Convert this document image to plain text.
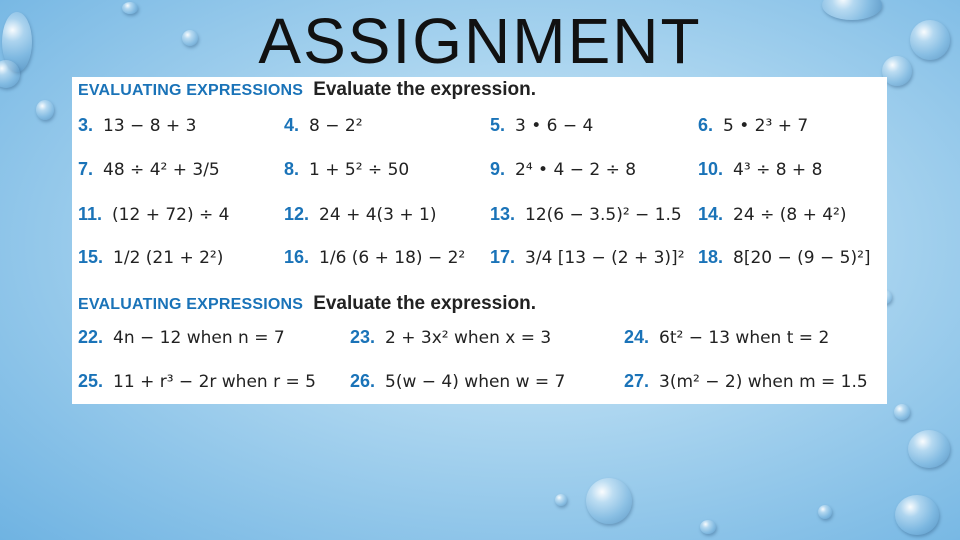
ASSIGNMENT
EVALUATING EXPRESSIONS Evaluate the expression.
3. 13 − 8 + 3	4. 8 − 2²	5. 3 • 6 − 4	6. 5 • 2³ + 7
7. 48 ÷ 4² + 3/5	8. 1 + 5² ÷ 50	9. 2⁴ • 4 − 2 ÷ 8	10. 4³ ÷ 8 + 8
11. (12 + 72) ÷ 4	12. 24 + 4(3 + 1)	13. 12(6 − 3.5)² − 1.5 14. 24 ÷ (8 + 4²)
15. 1/2 (21 + 2²)	16. 1/6 (6 + 18) − 2² 17. 3/4 [13 − (2 + 3)]² 18. 8[20 − (9 − 5)²]
EVALUATING EXPRESSIONS Evaluate the expression.
22. 4n − 12 when n = 7	23. 2 + 3x² when x = 3	24. 6t² − 13 when t = 2
25. 11 + r³ − 2r when r = 5 26. 5(w − 4) when w = 7	27. 3(m² − 2) when m = 1.5
